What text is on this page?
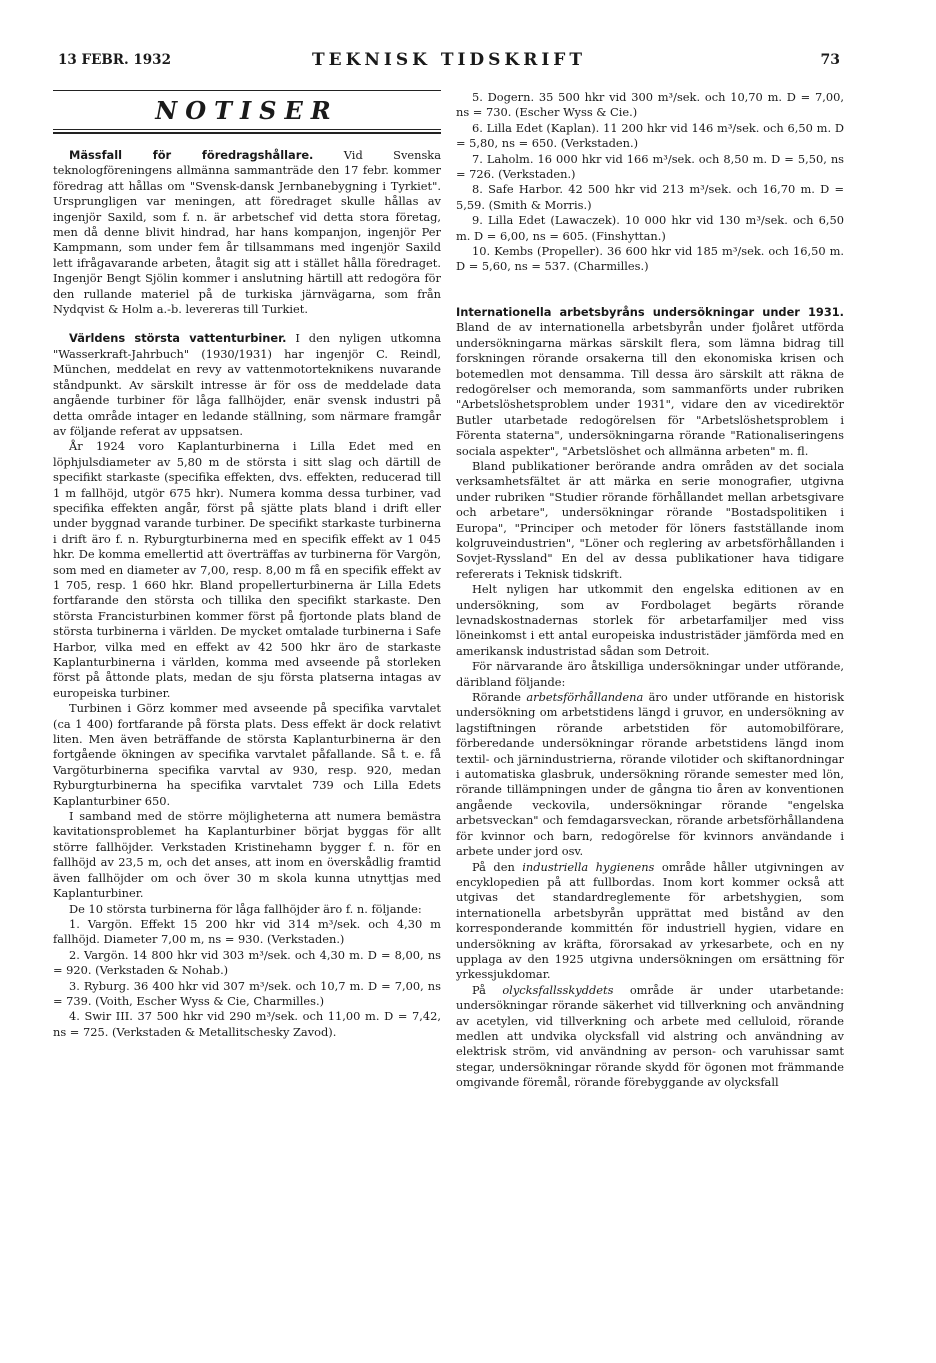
13 FEBR. 1932	TEKNISK TIDSKRIFT	73
NOTISER

Mässfall för föredragshållare. Vid Svenska teknologföreningens allmänna sammanträde den 17 febr. kommer föredrag att hållas om "Svensk-dansk Jernbanebygning i Tyrkiet". Ursprungligen var meningen, att föredraget skulle hållas av ingenjör Saxild, som f. n. är arbetschef vid detta stora företag, men då denne blivit hindrad, har hans kompanjon, ingenjör Per Kampmann, som under fem år tillsammans med ingenjör Saxild lett ifrågavarande arbeten, åtagit sig att i stället hålla föredraget. Ingenjör Bengt Sjölin kommer i anslutning härtill att redogöra för den rullande materiel på de turkiska järnvägarna, som från Nydqvist & Holm a.-b. levereras till Turkiet.

Världens största vattenturbiner. I den nyligen utkomna "Wasserkraft-Jahrbuch" (1930/1931) har ingenjör C. Reindl, München, meddelat en revy av vattenmotorteknikens nuvarande ståndpunkt. Av särskilt intresse är för oss de meddelade data angående turbiner för låga fallhöjder, enär svensk industri på detta område intager en ledande ställning, som närmare framgår av följande referat av uppsatsen.

År 1924 voro Kaplanturbinerna i Lilla Edet med en löphjulsdiameter av 5,80 m de största i sitt slag och därtill de specifikt starkaste (specifika effekten, dvs. effekten, reducerad till 1 m fallhöjd, utgör 675 hkr). Numera komma dessa turbiner, vad specifika effekten angår, först på sjätte plats bland i drift eller under byggnad varande turbiner. De specifikt starkaste turbinerna i drift äro f. n. Ryburgturbinerna med en specifik effekt av 1 045 hkr. De komma emellertid att överträffas av turbinerna för Vargön, som med en diameter av 7,00, resp. 8,00 m få en specifik effekt av 1 705, resp. 1 660 hkr. Bland propellerturbinerna är Lilla Edets fortfarande den största och tillika den specifikt starkaste. Den största Francisturbinen kommer först på fjortonde plats bland de största turbinerna i världen. De mycket omtalade turbinerna i Safe Harbor, vilka med en effekt av 42 500 hkr äro de starkaste Kaplanturbinerna i världen, komma med avseende på storleken först på åttonde plats, medan de sju första platserna intagas av europeiska turbiner.

Turbinen i Görz kommer med avseende på specifika varvtalet (ca 1 400) fortfarande på första plats. Dess effekt är dock relativt liten. Men även beträffande de största Kaplanturbinerna är den fortgående ökningen av specifika varvtalet påfallande. Så t. e. få Vargöturbinerna specifika varvtal av 930, resp. 920, medan Ryburgturbinerna ha specifika varvtalet 739 och Lilla Edets Kaplanturbiner 650.

I samband med de större möjligheterna att numera bemästra kavitationsproblemet ha Kaplanturbiner börjat byggas för allt större fallhöjder. Verkstaden Kristinehamn bygger f. n. för en fallhöjd av 23,5 m, och det anses, att inom en överskådlig framtid även fallhöjder om och över 30 m skola kunna utnyttjas med Kaplanturbiner.

De 10 största turbinerna för låga fallhöjder äro f. n. följande:

1. Vargön. Effekt 15 200 hkr vid 314 m³/sek. och 4,30 m fallhöjd. Diameter 7,00 m, ns = 930. (Verkstaden.)

2. Vargön. 14 800 hkr vid 303 m³/sek. och 4,30 m. D = 8,00, ns = 920. (Verkstaden & Nohab.)

3. Ryburg. 36 400 hkr vid 307 m³/sek. och 10,7 m. D = 7,00, ns = 739. (Voith, Escher Wyss & Cie, Charmilles.)

4. Swir III. 37 500 hkr vid 290 m³/sek. och 11,00 m. D = 7,42, ns = 725. (Verkstaden & Metallitschesky Zavod).

5. Dogern. 35 500 hkr vid 300 m³/sek. och 10,70 m. D = 7,00, ns = 730. (Escher Wyss & Cie.)

6. Lilla Edet (Kaplan). 11 200 hkr vid 146 m³/sek. och 6,50 m. D = 5,80, ns = 650. (Verkstaden.)

7. Laholm. 16 000 hkr vid 166 m³/sek. och 8,50 m. D = 5,50, ns = 726. (Verkstaden.)

8. Safe Harbor. 42 500 hkr vid 213 m³/sek. och 16,70 m. D = 5,59. (Smith & Morris.)

9. Lilla Edet (Lawaczek). 10 000 hkr vid 130 m³/sek. och 6,50 m. D = 6,00, ns = 605. (Finshyttan.)

10. Kembs (Propeller). 36 600 hkr vid 185 m³/sek. och 16,50 m. D = 5,60, ns = 537. (Charmilles.)

Internationella arbetsbyråns undersökningar under 1931. Bland de av internationella arbetsbyrån under fjolåret utförda undersökningarna märkas särskilt flera, som lämna bidrag till forskningen rörande orsakerna till den ekonomiska krisen och botemedlen mot densamma. Till dessa äro särskilt att räkna de redogörelser och memoranda, som sammanförts under rubriken "Arbetslöshetsproblem under 1931", vidare den av vicedirektör Butler utarbetade redogörelsen för "Arbetslöshetsproblem i Förenta staterna", undersökningarna rörande "Rationaliseringens sociala aspekter", "Arbetslöshet och allmänna arbeten" m. fl.

Bland publikationer berörande andra områden av det sociala verksamhetsfältet är att märka en serie monografier, utgivna under rubriken "Studier rörande förhållandet mellan arbetsgivare och arbetare", undersökningar rörande "Bostadspolitiken i Europa", "Principer och metoder för löners fastställande inom kolgruveindustrien", "Löner och reglering av arbetsförhållanden i Sovjet-Ryssland" En del av dessa publikationer hava tidigare refererats i Teknisk tidskrift.

Helt nyligen har utkommit den engelska editionen av en undersökning, som av Fordbolaget begärts rörande levnadskostnadernas storlek för arbetarfamiljer med viss löneinkomst i ett antal europeiska industristäder jämförda med en amerikansk industristad sådan som Detroit.

För närvarande äro åtskilliga undersökningar under utförande, däribland följande:

Rörande arbetsförhållandena äro under utförande en historisk undersökning om arbetstidens längd i gruvor, en undersökning av lagstiftningen rörande arbetstiden för automobilförare, förberedande undersökningar rörande arbetstidens längd inom textil- och järnindustrierna, rörande vilotider och skiftanordningar i automatiska glasbruk, undersökning rörande semester med lön, rörande tillämpningen under de gångna tio åren av konventionen angående veckovila, undersökningar rörande "engelska arbetsveckan" och femdagarsveckan, rörande arbetsförhållandena för kvinnor och barn, redogörelse för kvinnors användande i arbete under jord osv.

På den industriella hygienens område håller utgivningen av encyklopedien på att fullbordas. Inom kort kommer också att utgivas det standardreglemente för arbetshygien, som internationella arbetsbyrån upprättat med bistånd av den korresponderande kommittén för industriell hygien, vidare en undersökning av kräfta, förorsakad av yrkesarbete, och en ny upplaga av den 1925 utgivna undersökningen om ersättning för yrkessjukdomar.

På olycksfallsskyddets område är under utarbetande: undersökningar rörande säkerhet vid tillverkning och användning av acetylen, vid tillverkning och arbete med celluloid, rörande medlen att undvika olycksfall vid alstring och användning av elektrisk ström, vid användning av person- och varuhissar samt stegar, undersökningar rörande skydd för ögonen mot främmande omgivande föremål, rörande förebyggande av olycksfall
